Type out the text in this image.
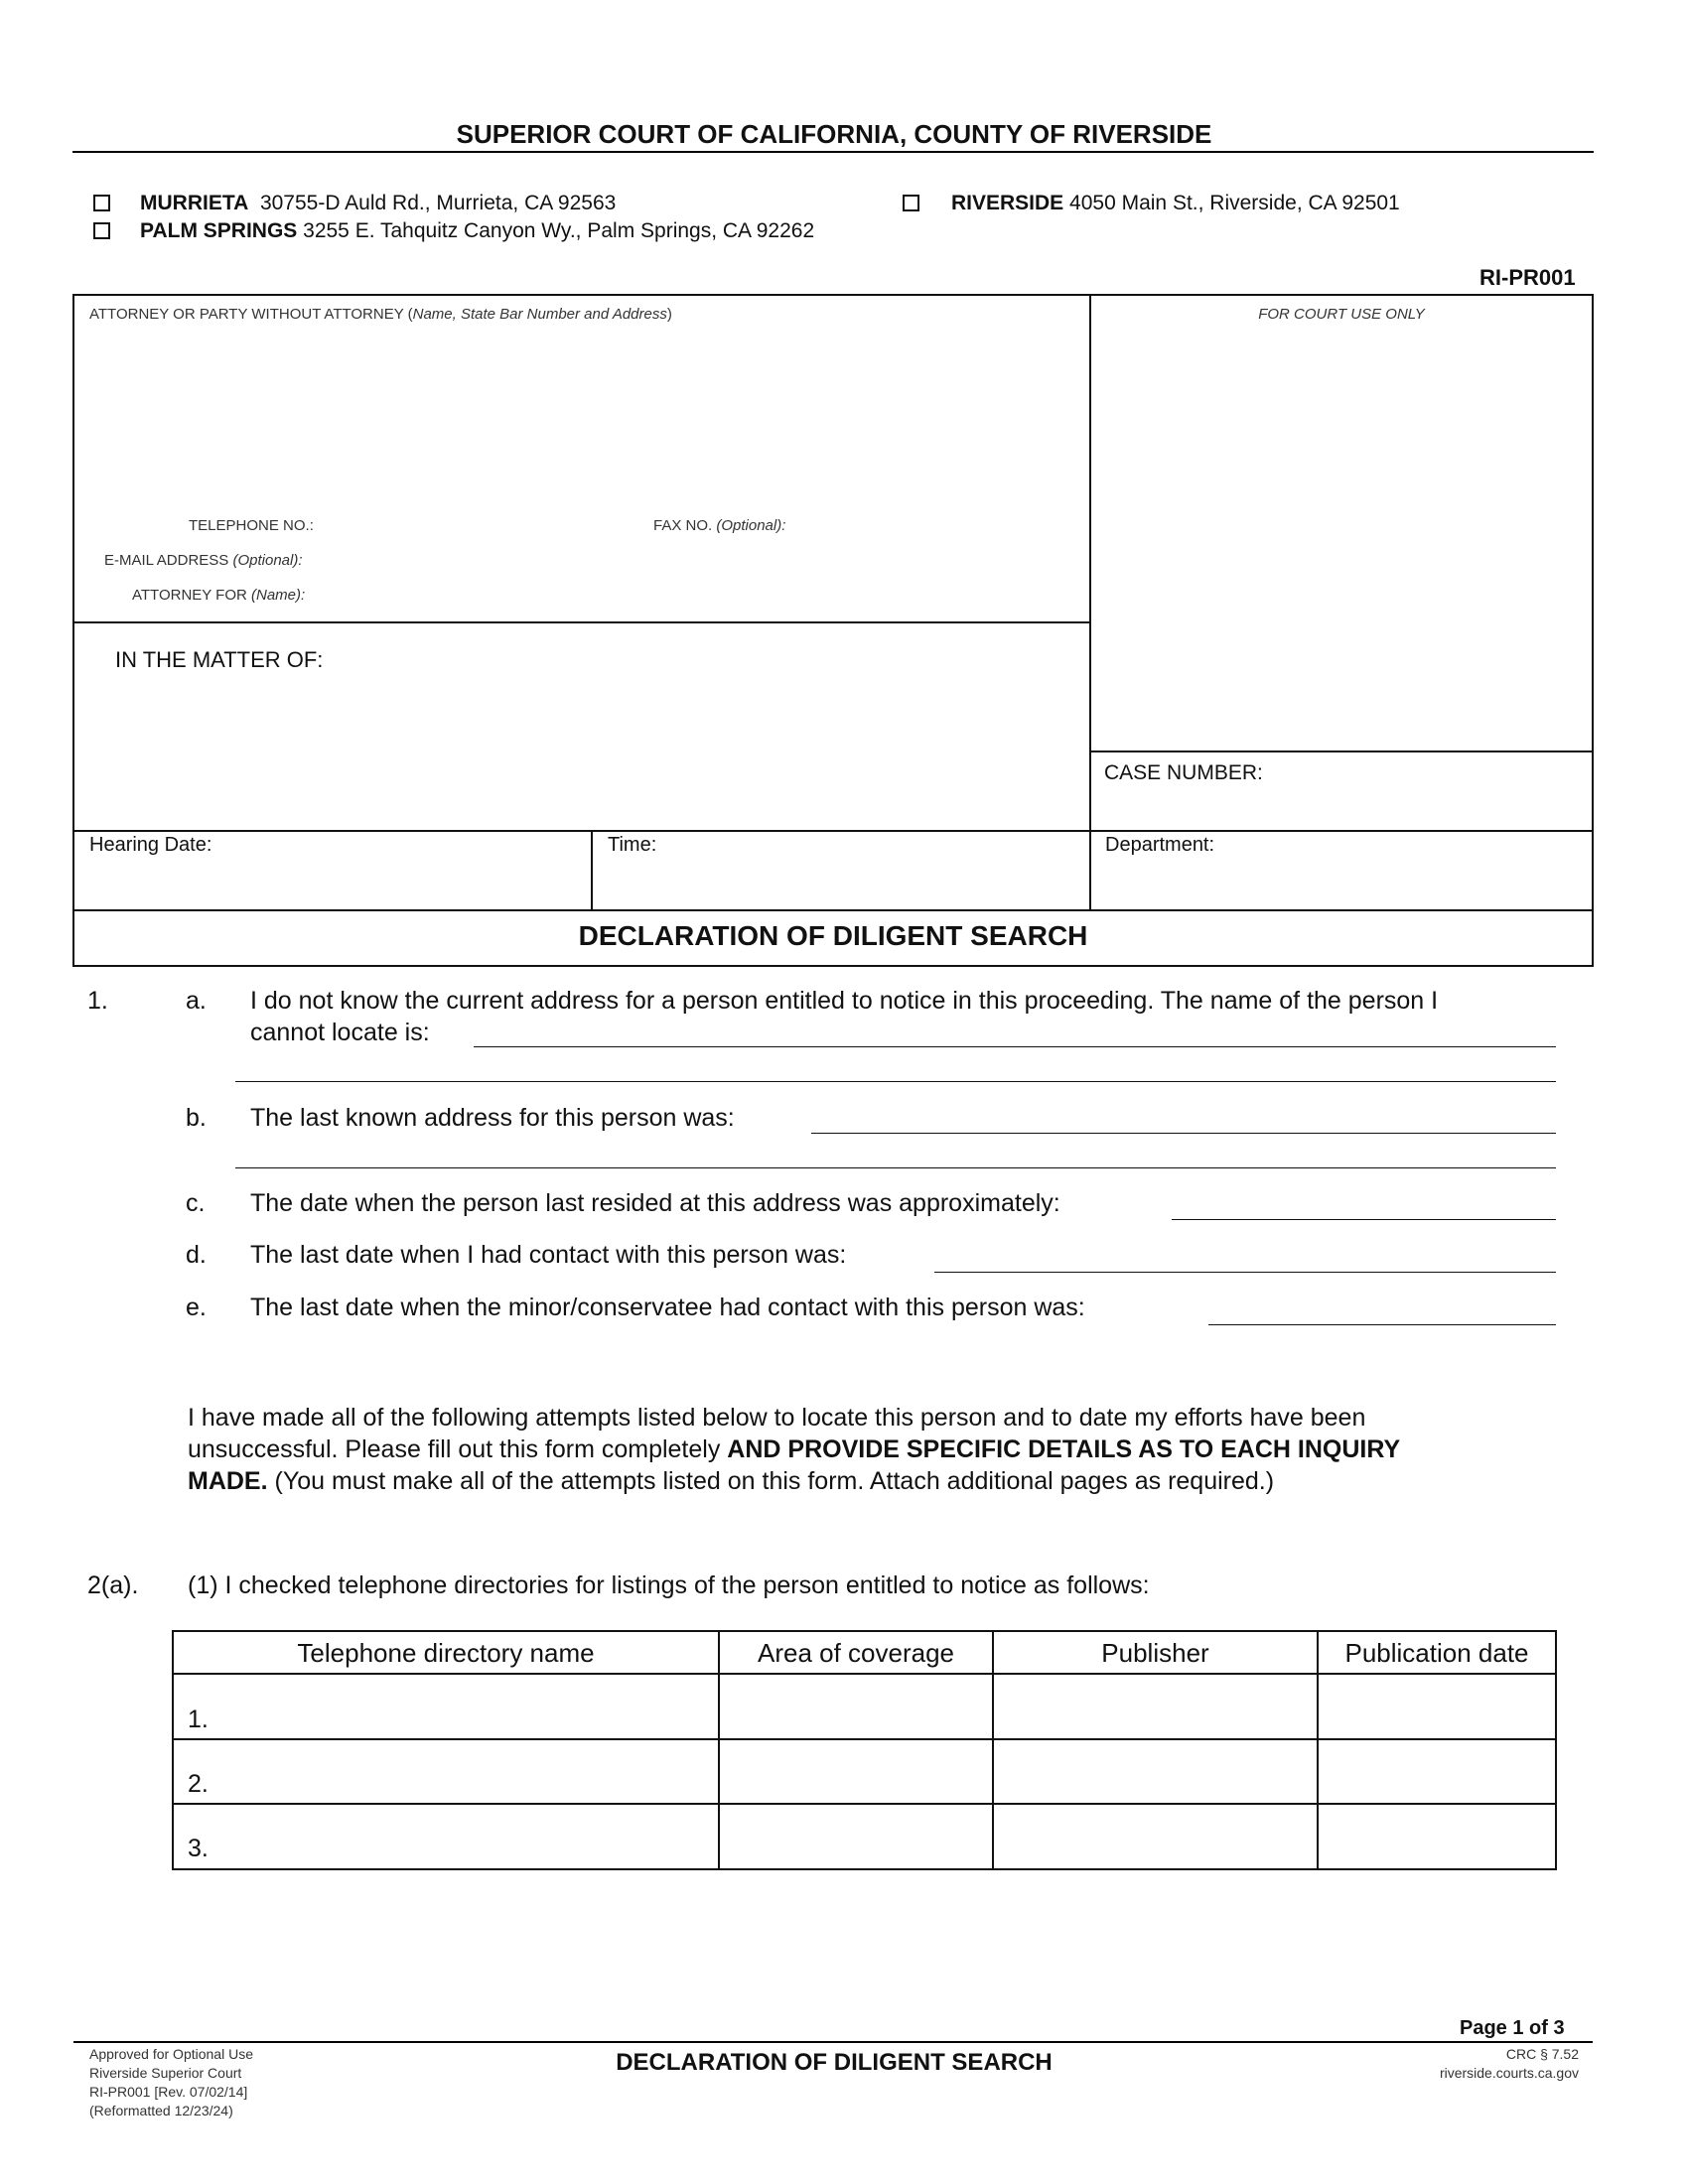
SUPERIOR COURT OF CALIFORNIA, COUNTY OF RIVERSIDE
MURRIETA 30755-D Auld Rd., Murrieta, CA 92563
PALM SPRINGS 3255 E. Tahquitz Canyon Wy., Palm Springs, CA 92262
RIVERSIDE 4050 Main St., Riverside, CA 92501
RI-PR001
ATTORNEY OR PARTY WITHOUT ATTORNEY (Name, State Bar Number and Address)	FOR COURT USE ONLY
TELEPHONE NO.:	FAX NO. (Optional):
E-MAIL ADDRESS (Optional):
ATTORNEY FOR (Name):
IN THE MATTER OF:
CASE NUMBER:
Hearing Date:	Time:	Department:
DECLARATION OF DILIGENT SEARCH
1.	a. I do not know the current address for a person entitled to notice in this proceeding. The name of the person I
cannot locate is:
b. The last known address for this person was:
c. The date when the person last resided at this address was approximately:
d. The last date when I had contact with this person was:
e. The last date when the minor/conservatee had contact with this person was:
I have made all of the following attempts listed below to locate this person and to date my efforts have been
unsuccessful. Please fill out this form completely AND PROVIDE SPECIFIC DETAILS AS TO EACH INQUIRY
MADE. (You must make all of the attempts listed on this form. Attach additional pages as required.)
2(a). (1) I checked telephone directories for listings of the person entitled to notice as follows:
Telephone directory name	Area of coverage	Publisher	Publication date
1.
2.
3.
Page 1 of 3
Approved for Optional Use
Riverside Superior Court
RI-PR001 [Rev. 07/02/14]
(Reformatted 12/23/24)
DECLARATION OF DILIGENT SEARCH	CRC § 7.52
riverside.courts.ca.gov
